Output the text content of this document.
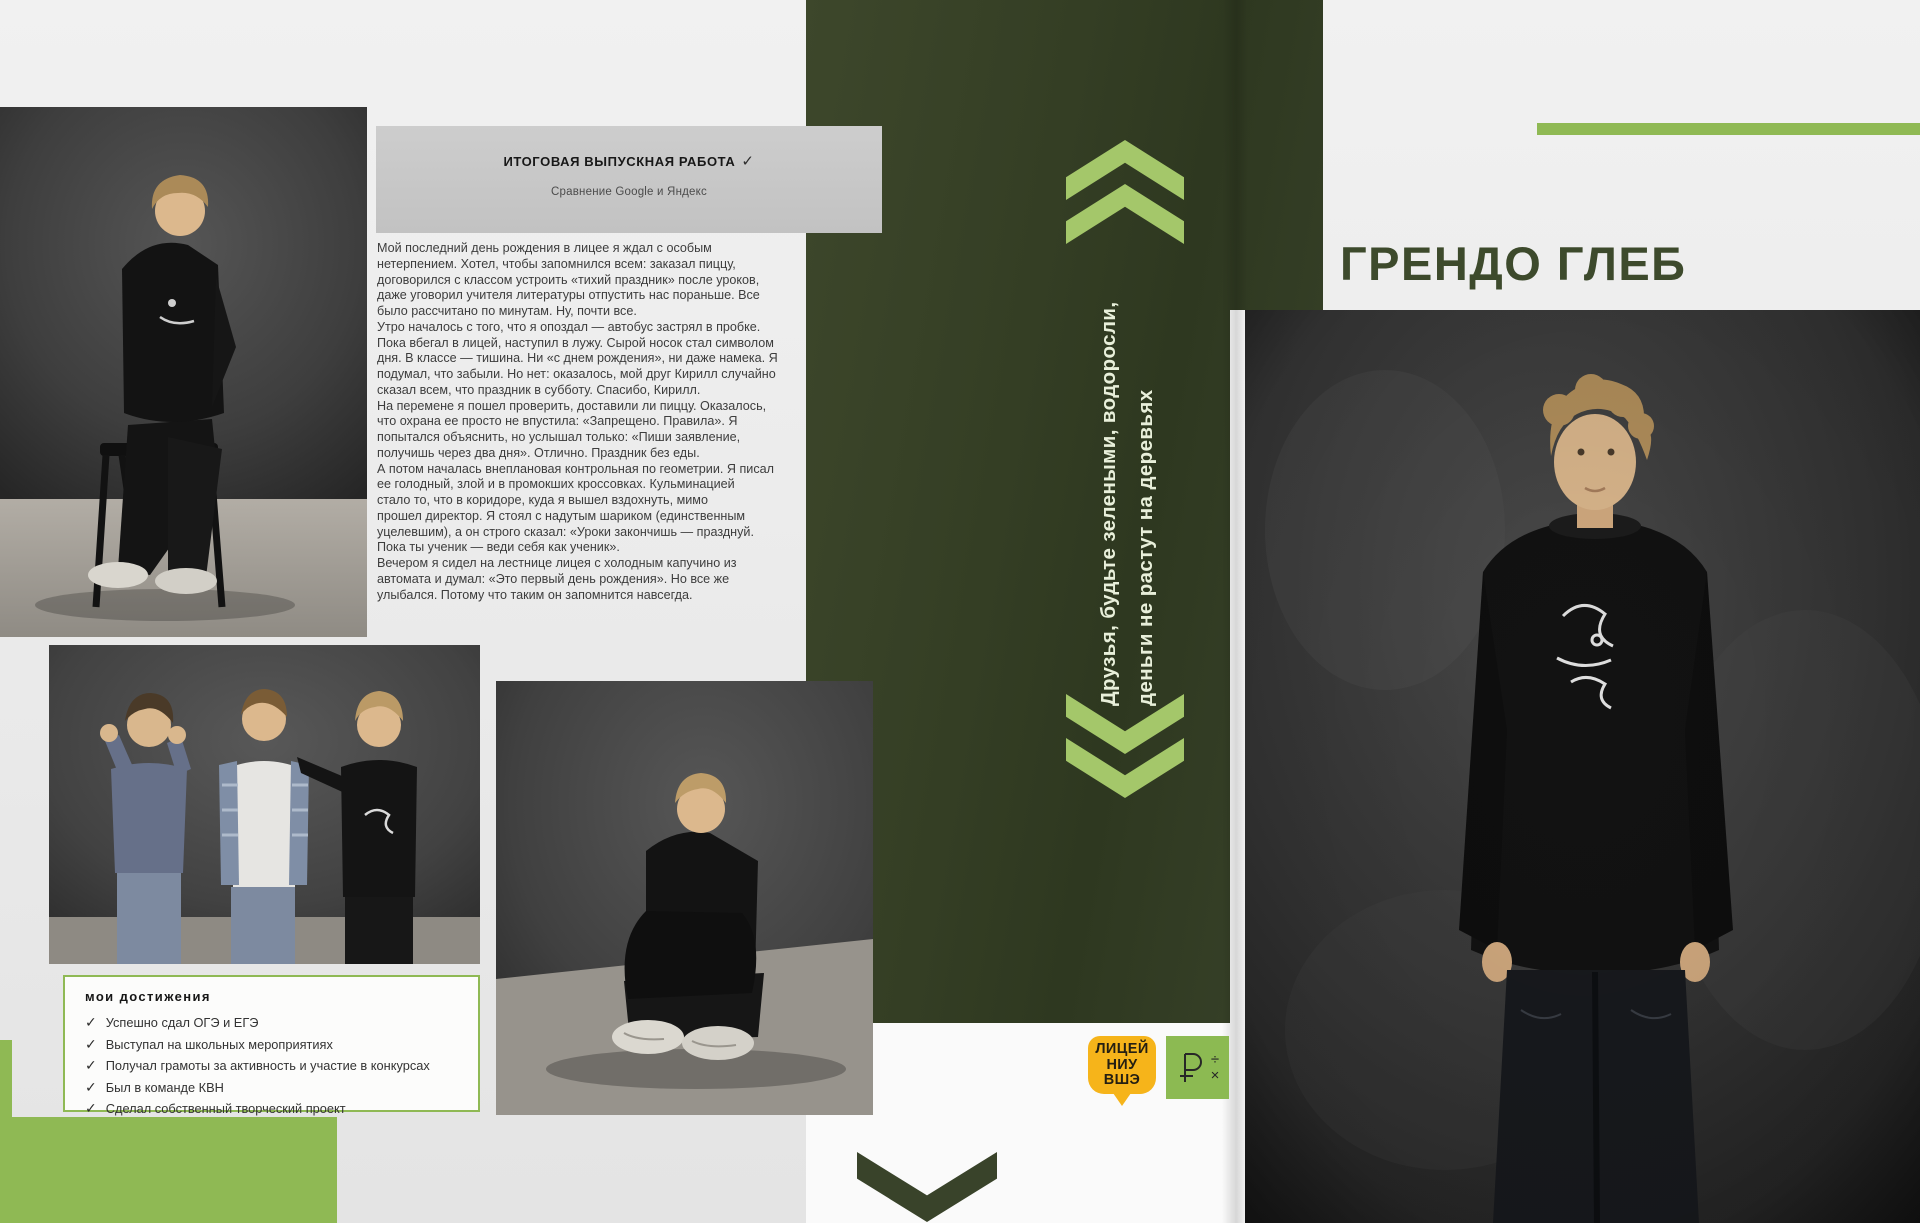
Друзья, будьте зелеными, водоросли, деньги не растут на деревьях
ИТОГОВАЯ ВЫПУСКНАЯ РАБОТА ✓
Сравнение Google и Яндекс
Мой последний день рождения в лицее я ждал с особым
нетерпением. Хотел, чтобы запомнился всем: заказал пиццу,
договорился с классом устроить «тихий праздник» после уроков,
даже уговорил учителя литературы отпустить нас пораньше. Все
было рассчитано по минутам. Ну, почти все.
Утро началось с того, что я опоздал — автобус застрял в пробке.
Пока вбегал в лицей, наступил в лужу. Сырой носок стал символом
дня. В классе — тишина. Ни «с днем рождения», ни даже намека. Я
подумал, что забыли. Но нет: оказалось, мой друг Кирилл случайно
сказал всем, что праздник в субботу. Спасибо, Кирилл.
На перемене я пошел проверить, доставили ли пиццу. Оказалось,
что охрана ее просто не впустила: «Запрещено. Правила». Я
попытался объяснить, но услышал только: «Пиши заявление,
получишь через два дня». Отлично. Праздник без еды.
А потом началась внеплановая контрольная по геометрии. Я писал
ее голодный, злой и в промокших кроссовках. Кульминацией
стало то, что в коридоре, куда я вышел вздохнуть, мимо
прошел директор. Я стоял с надутым шариком (единственным
уцелевшим), а он строго сказал: «Уроки закончишь — празднуй.
Пока ты ученик — веди себя как ученик».
Вечером я сидел на лестнице лицея с холодным капучино из
автомата и думал: «Это первый день рождения». Но все же
улыбался. Потому что таким он запомнится навсегда.
мои достижения
✓ Успешно сдал ОГЭ и ЕГЭ
✓ Выступал на школьных мероприятиях
✓ Получал грамоты за активность и участие в конкурсах
✓ Был в команде КВН
✓ Сделал собственный творческий проект
ГРЕНДО ГЛЕБ
ЛИЦЕЙ
НИУ
ВШЭ
÷
×
